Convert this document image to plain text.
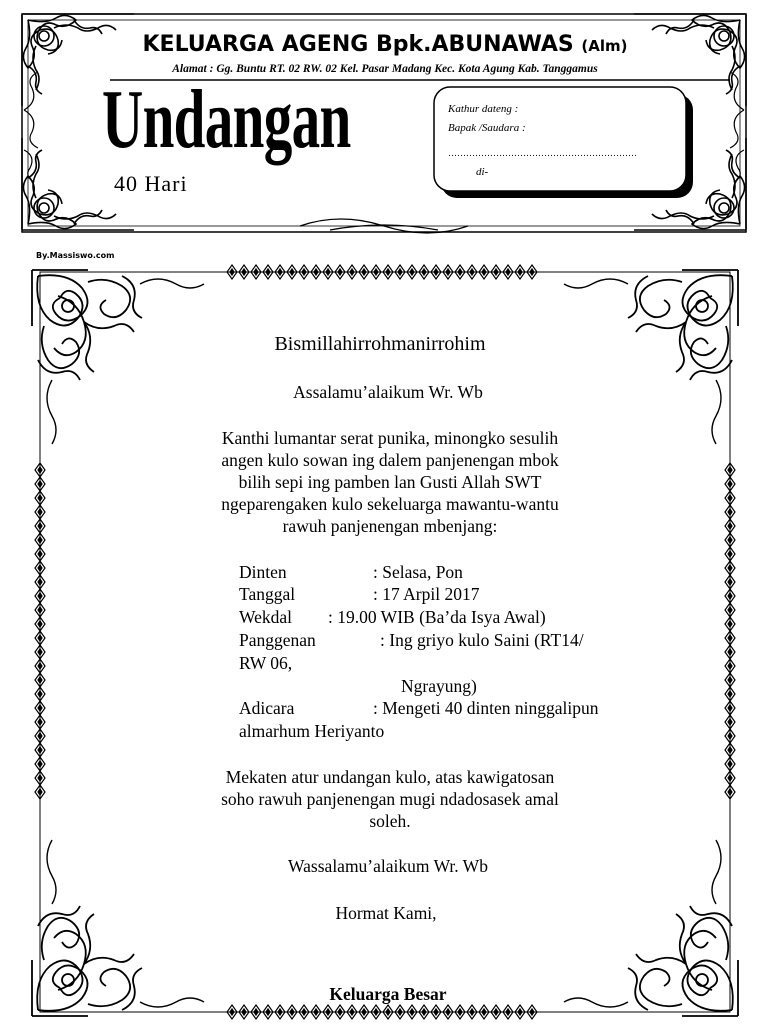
KELUARGA AGENG Bpk.ABUNAWAS (Alm)
Alamat : Gg. Buntu RT. 02 RW. 02 Kel. Pasar Madang Kec. Kota Agung Kab. Tanggamus
Undangan
40 Hari
Kathur dateng :
Bapak /Saudara :
………………………………………………………
di-
By.Massiswo.com
Bismillahirrohmanirrohim
Assalamu’alaikum Wr. Wb
Kanthi lumantar serat punika, minongko sesulih
angen kulo sowan ing dalem panjenengan mbok
bilih sepi ing pamben lan Gusti Allah SWT
ngeparengaken kulo sekeluarga mawantu-wantu
rawuh panjenengan mbenjang:
Dinten	: Selasa, Pon
Tanggal	: 17 Arpil 2017
Wekdal : 19.00 WIB (Ba’da Isya Awal)
Panggenan	: Ing griyo kulo Saini (RT14/
RW 06,
Ngrayung)
Adicara	: Mengeti 40 dinten ninggalipun
almarhum Heriyanto
Mekaten atur undangan kulo, atas kawigatosan
soho rawuh panjenengan mugi ndadosasek amal
soleh.
Wassalamu’alaikum Wr. Wb
Hormat Kami,
Keluarga Besar
